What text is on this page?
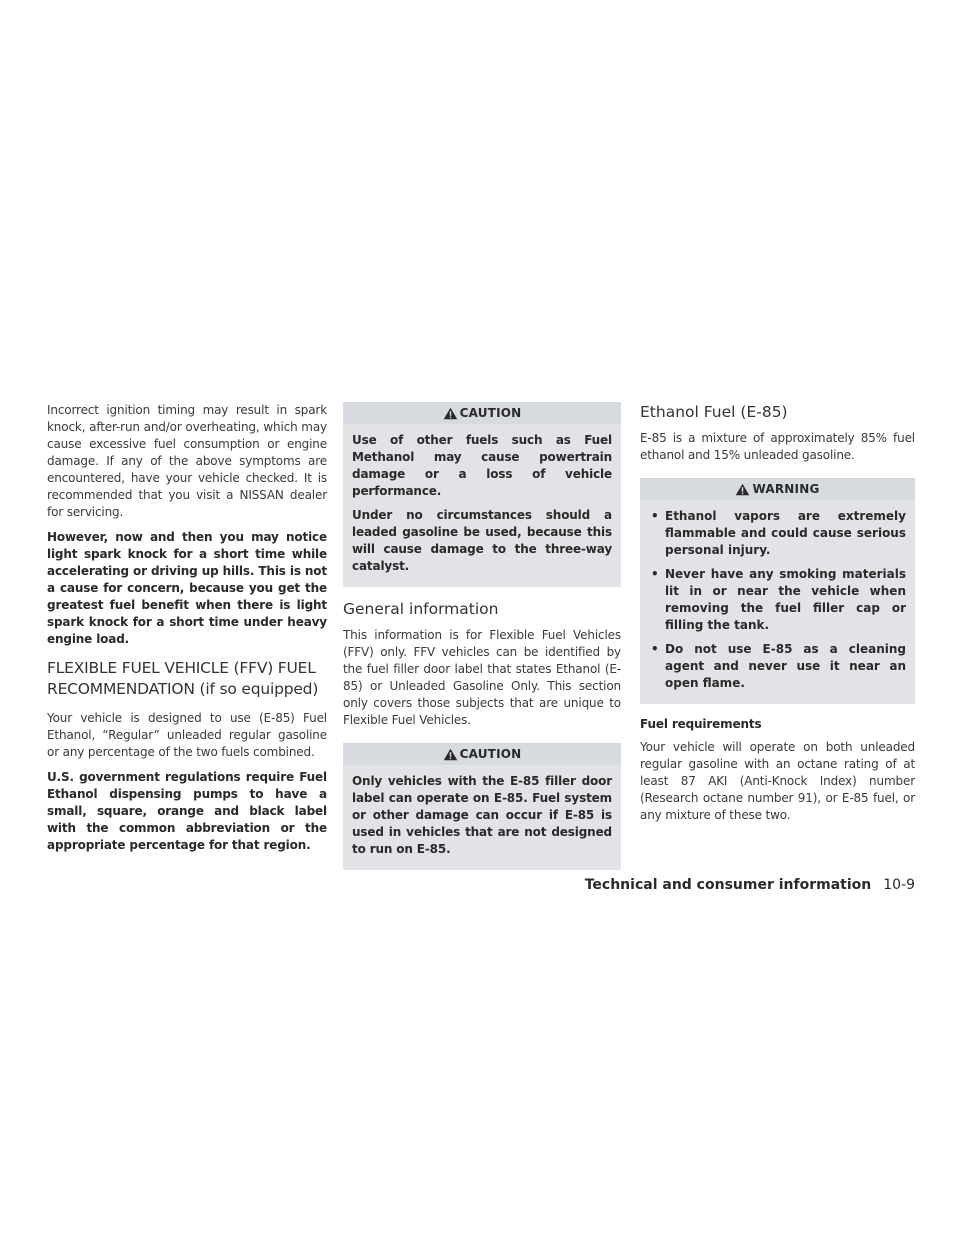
Incorrect ignition timing may result in spark knock, after-run and/or overheating, which may cause excessive fuel consumption or engine damage. If any of the above symptoms are encountered, have your vehicle checked. It is recommended that you visit a NISSAN dealer for servicing.

However, now and then you may notice light spark knock for a short time while accelerating or driving up hills. This is not a cause for concern, because you get the greatest fuel benefit when there is light spark knock for a short time under heavy engine load.

FLEXIBLE FUEL VEHICLE (FFV) FUEL RECOMMENDATION (if so equipped)

Your vehicle is designed to use (E-85) Fuel Ethanol, “Regular” unleaded regular gasoline or any percentage of the two fuels combined.

U.S. government regulations require Fuel Ethanol dispensing pumps to have a small, square, orange and black label with the common abbreviation or the appropriate percentage for that region.

CAUTION

Use of other fuels such as Fuel Methanol may cause powertrain damage or a loss of vehicle performance.

Under no circumstances should a leaded gasoline be used, because this will cause damage to the three-way catalyst.

General information

This information is for Flexible Fuel Vehicles (FFV) only. FFV vehicles can be identified by the fuel filler door label that states Ethanol (E-85) or Unleaded Gasoline Only. This section only covers those subjects that are unique to Flexible Fuel Vehicles.

CAUTION

Only vehicles with the E-85 filler door label can operate on E-85. Fuel system or other damage can occur if E-85 is used in vehicles that are not designed to run on E-85.

Ethanol Fuel (E-85)

E-85 is a mixture of approximately 85% fuel ethanol and 15% unleaded gasoline.

WARNING
• Ethanol vapors are extremely flammable and could cause serious personal injury.
• Never have any smoking materials lit in or near the vehicle when removing the fuel filler cap or filling the tank.
• Do not use E-85 as a cleaning agent and never use it near an open flame.

Fuel requirements

Your vehicle will operate on both unleaded regular gasoline with an octane rating of at least 87 AKI (Anti-Knock Index) number (Research octane number 91), or E-85 fuel, or any mixture of these two.

Technical and consumer information 10-9
